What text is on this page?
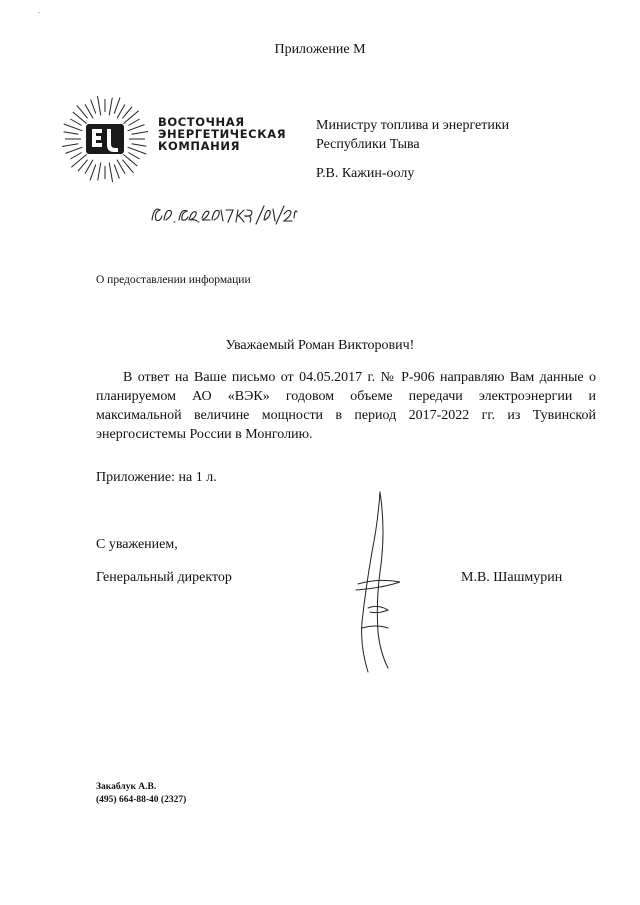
-
Приложение М
ВОСТОЧНАЯ
ЭНЕРГЕТИЧЕСКАЯ
КОМПАНИЯ
Министру топлива и энергетики
Республики Тыва
Р.В. Кажин-оолу
О предоставлении информации
Уважаемый Роман Викторович!
В ответ на Ваше письмо от 04.05.2017 г. № Р-906 направляю Вам данные о планируемом АО «ВЭК» годовом объеме передачи электроэнергии и максимальной величине мощности в период 2017-2022 гг. из Тувинской энергосистемы России в Монголию.
Приложение: на 1 л.
С уважением,
Генеральный директор	М.В. Шашмурин
Закаблук А.В.
(495) 664-88-40 (2327)
